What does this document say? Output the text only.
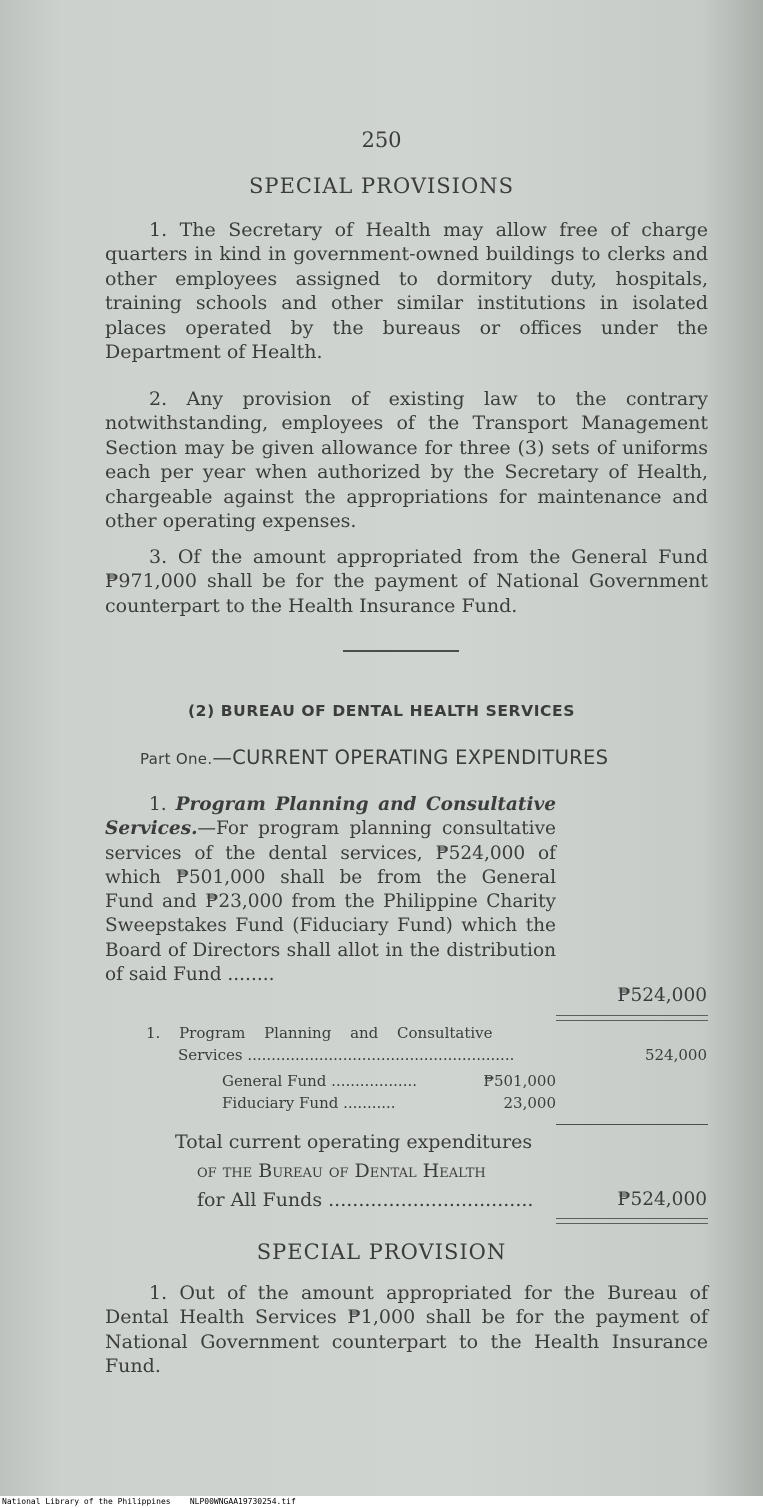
250

SPECIAL PROVISIONS

1. The Secretary of Health may allow free of charge quarters in kind in government-owned buildings to clerks and other employees assigned to dormitory duty, hospitals, training schools and other similar institutions in isolated places operated by the bureaus or offices under the Department of Health.

2. Any provision of existing law to the contrary notwithstanding, employees of the Transport Management Section may be given allowance for three (3) sets of uniforms each per year when authorized by the Secretary of Health, chargeable against the appropriations for maintenance and other operating expenses.

3. Of the amount appropriated from the General Fund ₱971,000 shall be for the payment of National Government counterpart to the Health Insurance Fund.

(2) BUREAU OF DENTAL HEALTH SERVICES

Part One.—CURRENT OPERATING EXPENDITURES

1. Program Planning and Consultative Services.—For program planning consultative services of the dental services, ₱524,000 of which ₱501,000 shall be from the General Fund and ₱23,000 from the Philippine Charity Sweepstakes Fund (Fiduciary Fund) which the Board of Directors shall allot in the distribution of said Fund ........

₱524,000

1. Program Planning and Consultative

Services ........................................................	524,000

General Fund ..................	₱501,000

Fiduciary Fund ...........	23,000

Total current operating expenditures

of the Bureau of Dental Health

for All Funds ..................................	₱524,000

SPECIAL PROVISION

1. Out of the amount appropriated for the Bureau of Dental Health Services ₱1,000 shall be for the payment of National Government counterpart to the Health Insurance Fund.

National Library of the Philippines NLP00WNGAA19730254.tif
